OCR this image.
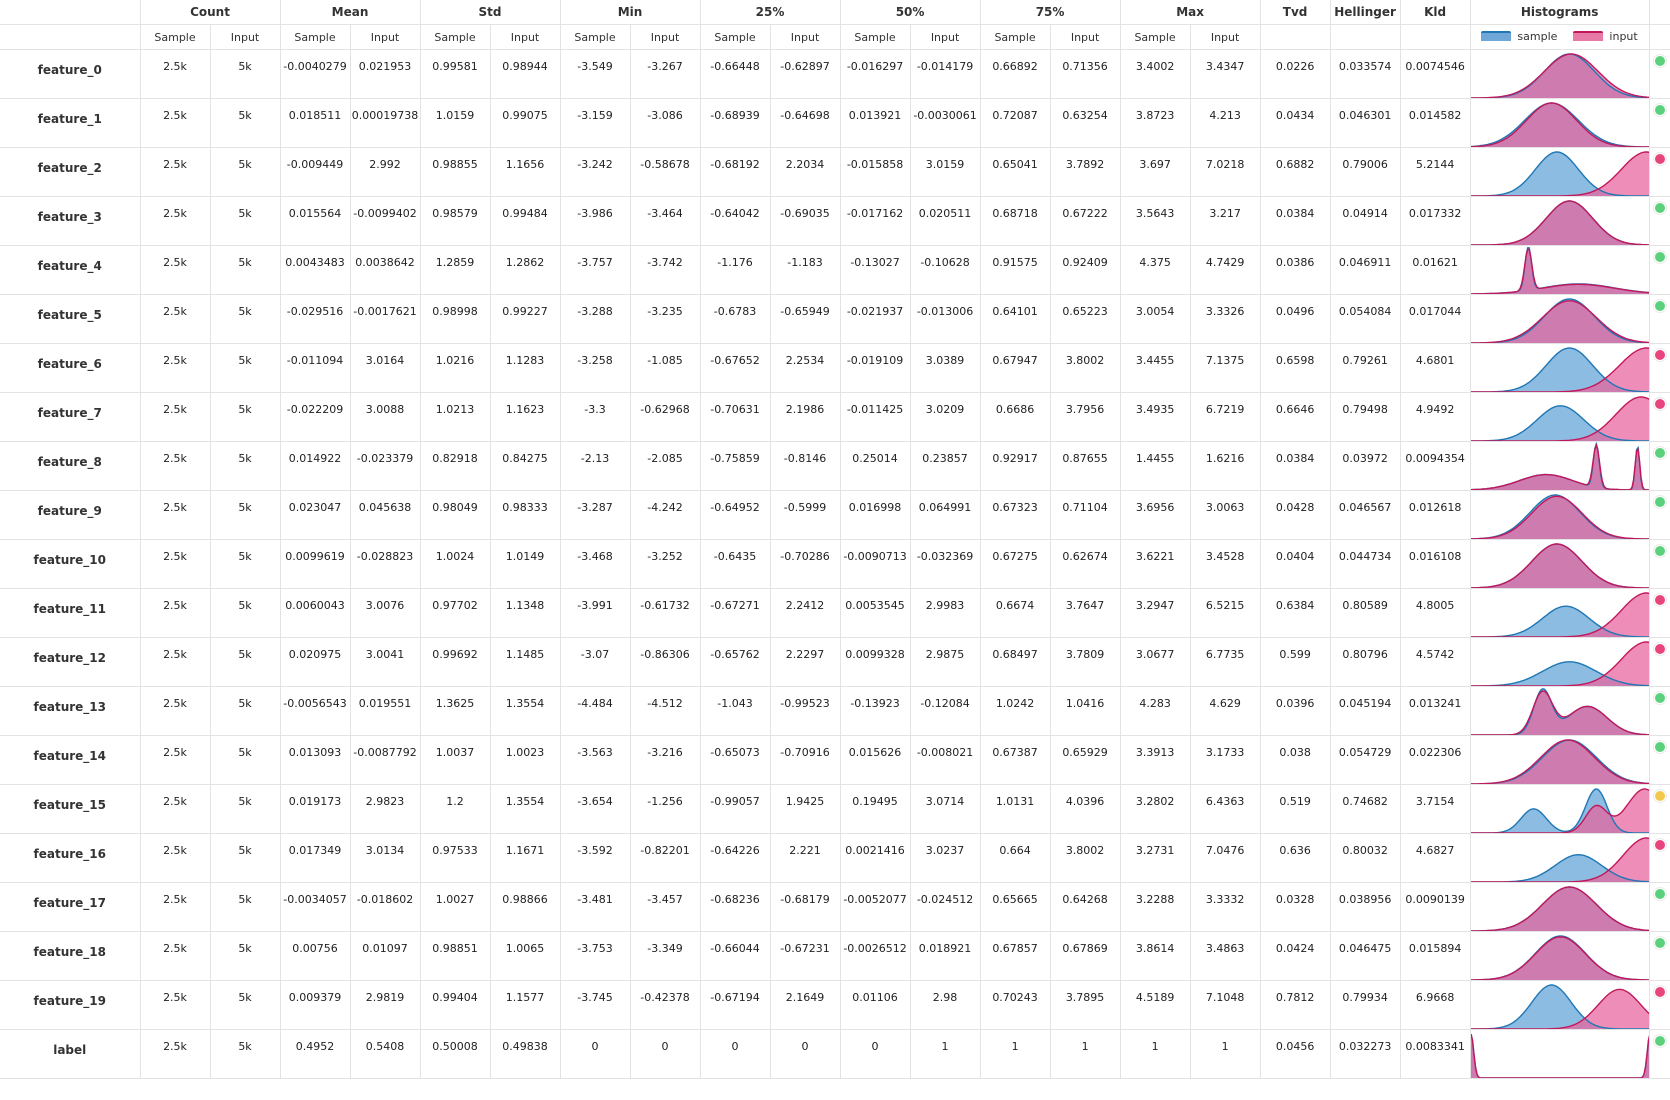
	Count		Mean		Std		Min		25%		50%		75%		Max		Tvd	Hellinger	Kld	Histograms	
	Sample	Input	Sample	Input	Sample	Input	Sample	Input	Sample	Input	Sample	Input	Sample	Input	Sample	Input				sample input	

feature_0	2.5k	5k	-0.0040279	0.021953	0.99581	0.98944	-3.549	-3.267	-0.66448	-0.62897	-0.016297	-0.014179	0.66892	0.71356	3.4002	3.4347	0.0226	0.033574	0.0074546

feature_1	2.5k	5k	0.018511	0.00019738	1.0159	0.99075	-3.159	-3.086	-0.68939	-0.64698	0.013921	-0.0030061	0.72087	0.63254	3.8723	4.213	0.0434	0.046301	0.014582

feature_2	2.5k	5k	-0.009449	2.992	0.98855	1.1656	-3.242	-0.58678	-0.68192	2.2034	-0.015858	3.0159	0.65041	3.7892	3.697	7.0218	0.6882	0.79006	5.2144

feature_3	2.5k	5k	0.015564	-0.0099402	0.98579	0.99484	-3.986	-3.464	-0.64042	-0.69035	-0.017162	0.020511	0.68718	0.67222	3.5643	3.217	0.0384	0.04914	0.017332

feature_4	2.5k	5k	0.0043483	0.0038642	1.2859	1.2862	-3.757	-3.742	-1.176	-1.183	-0.13027	-0.10628	0.91575	0.92409	4.375	4.7429	0.0386	0.046911	0.01621

feature_5	2.5k	5k	-0.029516	-0.0017621	0.98998	0.99227	-3.288	-3.235	-0.6783	-0.65949	-0.021937	-0.013006	0.64101	0.65223	3.0054	3.3326	0.0496	0.054084	0.017044

feature_6	2.5k	5k	-0.011094	3.0164	1.0216	1.1283	-3.258	-1.085	-0.67652	2.2534	-0.019109	3.0389	0.67947	3.8002	3.4455	7.1375	0.6598	0.79261	4.6801

feature_7	2.5k	5k	-0.022209	3.0088	1.0213	1.1623	-3.3	-0.62968	-0.70631	2.1986	-0.011425	3.0209	0.6686	3.7956	3.4935	6.7219	0.6646	0.79498	4.9492

feature_8	2.5k	5k	0.014922	-0.023379	0.82918	0.84275	-2.13	-2.085	-0.75859	-0.8146	0.25014	0.23857	0.92917	0.87655	1.4455	1.6216	0.0384	0.03972	0.0094354

feature_9	2.5k	5k	0.023047	0.045638	0.98049	0.98333	-3.287	-4.242	-0.64952	-0.5999	0.016998	0.064991	0.67323	0.71104	3.6956	3.0063	0.0428	0.046567	0.012618

feature_10	2.5k	5k	0.0099619	-0.028823	1.0024	1.0149	-3.468	-3.252	-0.6435	-0.70286	-0.0090713	-0.032369	0.67275	0.62674	3.6221	3.4528	0.0404	0.044734	0.016108

feature_11	2.5k	5k	0.0060043	3.0076	0.97702	1.1348	-3.991	-0.61732	-0.67271	2.2412	0.0053545	2.9983	0.6674	3.7647	3.2947	6.5215	0.6384	0.80589	4.8005

feature_12	2.5k	5k	0.020975	3.0041	0.99692	1.1485	-3.07	-0.86306	-0.65762	2.2297	0.0099328	2.9875	0.68497	3.7809	3.0677	6.7735	0.599	0.80796	4.5742

feature_13	2.5k	5k	-0.0056543	0.019551	1.3625	1.3554	-4.484	-4.512	-1.043	-0.99523	-0.13923	-0.12084	1.0242	1.0416	4.283	4.629	0.0396	0.045194	0.013241

feature_14	2.5k	5k	0.013093	-0.0087792	1.0037	1.0023	-3.563	-3.216	-0.65073	-0.70916	0.015626	-0.008021	0.67387	0.65929	3.3913	3.1733	0.038	0.054729	0.022306

feature_15	2.5k	5k	0.019173	2.9823	1.2	1.3554	-3.654	-1.256	-0.99057	1.9425	0.19495	3.0714	1.0131	4.0396	3.2802	6.4363	0.519	0.74682	3.7154

feature_16	2.5k	5k	0.017349	3.0134	0.97533	1.1671	-3.592	-0.82201	-0.64226	2.221	0.0021416	3.0237	0.664	3.8002	3.2731	7.0476	0.636	0.80032	4.6827

feature_17	2.5k	5k	-0.0034057	-0.018602	1.0027	0.98866	-3.481	-3.457	-0.68236	-0.68179	-0.0052077	-0.024512	0.65665	0.64268	3.2288	3.3332	0.0328	0.038956	0.0090139

feature_18	2.5k	5k	0.00756	0.01097	0.98851	1.0065	-3.753	-3.349	-0.66044	-0.67231	-0.0026512	0.018921	0.67857	0.67869	3.8614	3.4863	0.0424	0.046475	0.015894

feature_19	2.5k	5k	0.009379	2.9819	0.99404	1.1577	-3.745	-0.42378	-0.67194	2.1649	0.01106	2.98	0.70243	3.7895	4.5189	7.1048	0.7812	0.79934	6.9668

label	2.5k	5k	0.4952	0.5408	0.50008	0.49838	0	0	0	0	0	1	1	1	1	1	0.0456	0.032273	0.0083341
